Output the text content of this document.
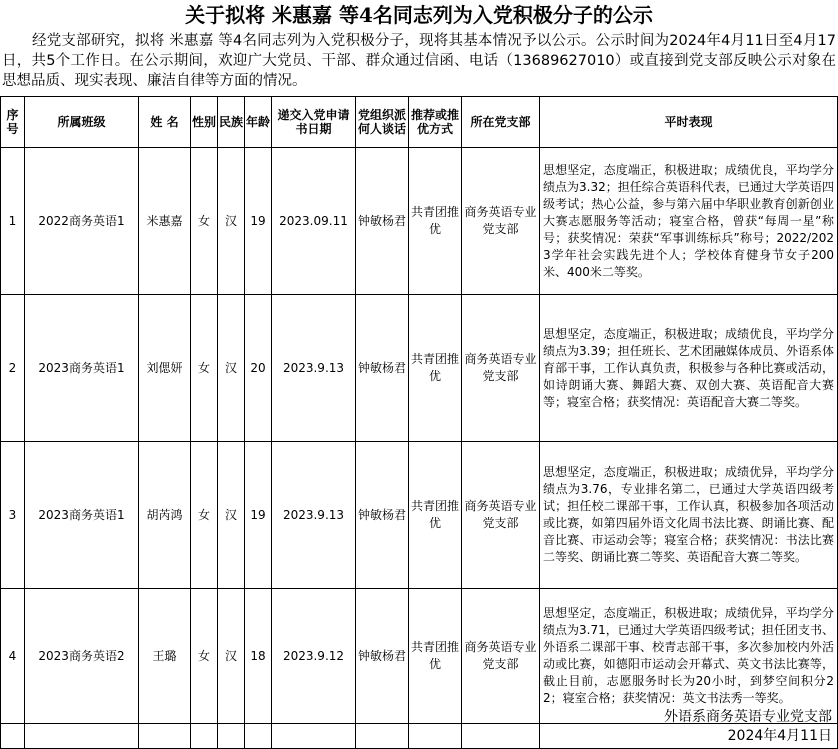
关于拟将 米惠嘉 等4名同志列为入党积极分子的公示
经党支部研究，拟将 米惠嘉 等4名同志列为入党积极分子，现将其基本情况予以公示。公示时间为2024年4月11日至4月17日，共5个工作日。在公示期间，欢迎广大党员、干部、群众通过信函、电话（13689627010）或直接到党支部反映公示对象在思想品质、现实表现、廉洁自律等方面的情况。
序号	所属班级	姓 名	性别	民族	年龄	递交入党申请书日期	党组织派何人谈话	推荐或推优方式	所在党支部	平时表现
1	2022商务英语1	米惠嘉	女	汉	19	2023.09.11	钟敏杨君	共青团推优	商务英语专业党支部	思想坚定，态度端正，积极进取；成绩优良，平均学分绩点为3.32；担任综合英语科代表，已通过大学英语四级考试；热心公益，参与第六届中华职业教育创新创业大赛志愿服务等活动；寝室合格，曾获“每周一星”称号；获奖情况：荣获“军事训练标兵”称号；2022/2023学年社会实践先进个人；学校体育健身节女子200米、400米二等奖。
2	2023商务英语1	刘偲妍	女	汉	20	2023.9.13	钟敏杨君	共青团推优	商务英语专业党支部	思想坚定，态度端正，积极进取；成绩优良，平均学分绩点为3.39；担任班长、艺术团融媒体成员、外语系体育部干事，工作认真负责，积极参与各种比赛或活动，如诗朗诵大赛、舞蹈大赛、双创大赛、英语配音大赛等；寝室合格；获奖情况：英语配音大赛二等奖。
3	2023商务英语1	胡芮鸿	女	汉	19	2023.9.13	钟敏杨君	共青团推优	商务英语专业党支部	思想坚定，态度端正，积极进取；成绩优异，平均学分绩点为3.76，专业排名第二，已通过大学英语四级考试；担任校二课部干事，工作认真，积极参加各项活动或比赛，如第四届外语文化周书法比赛、朗诵比赛、配音比赛、市运动会等；寝室合格；获奖情况：书法比赛二等奖、朗诵比赛二等奖、英语配音大赛二等奖。
4	2023商务英语2	王璐	女	汉	18	2023.9.12	钟敏杨君	共青团推优	商务英语专业党支部	思想坚定，态度端正，积极进取；成绩优异，平均学分绩点为3.71，已通过大学英语四级考试；担任团支书、外语系二课部干事、校青志部干事，多次参加校内外活动或比赛，如德阳市运动会开幕式、英文书法比赛等，截止目前，志愿服务时长为20小时，到梦空间积分22；寝室合格；获奖情况：英文书法秀一等奖。

外语系商务英语专业党支部
2024年4月11日
